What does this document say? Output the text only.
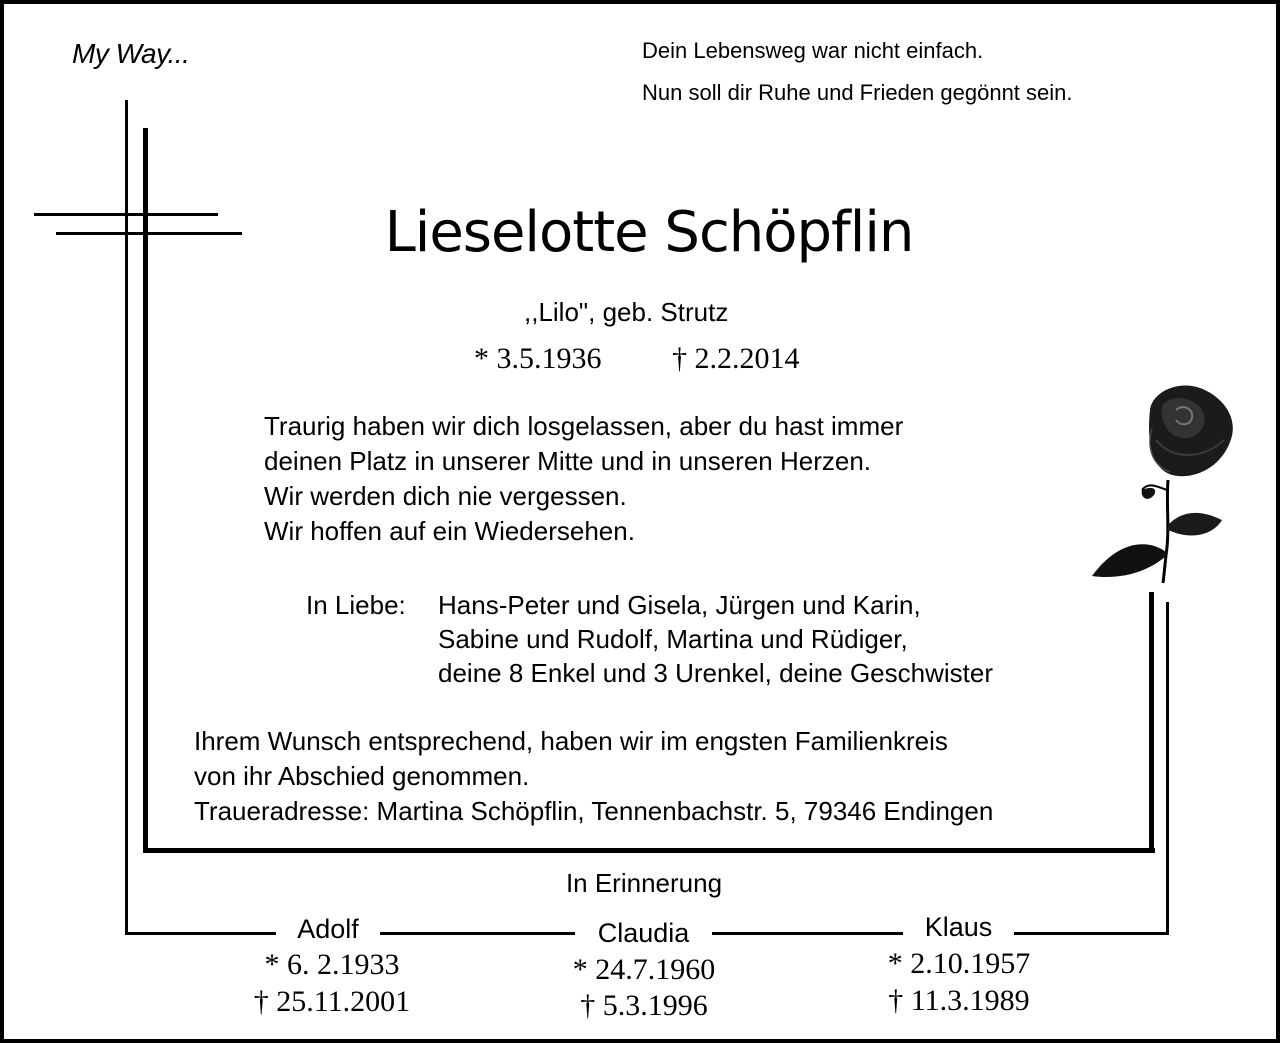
My Way...	Dein Lebensweg war nicht einfach.
Nun soll dir Ruhe und Frieden gegönnt sein.
Lieselotte Schöpflin
,,Lilo", geb. Strutz
* 3.5.1936 † 2.2.2014
Traurig haben wir dich losgelassen, aber du hast immer
deinen Platz in unserer Mitte und in unseren Herzen.
Wir werden dich nie vergessen.
Wir hoffen auf ein Wiedersehen.
In Liebe: Hans-Peter und Gisela, Jürgen und Karin,
Sabine und Rudolf, Martina und Rüdiger,
deine 8 Enkel und 3 Urenkel, deine Geschwister
Ihrem Wunsch entsprechend, haben wir im engsten Familienkreis
von ihr Abschied genommen.
Traueradresse: Martina Schöpflin, Tennenbachstr. 5, 79346 Endingen
In Erinnerung
Adolf
* 6. 2.1933
† 25.11.2001
Claudia
* 24.7.1960
† 5.3.1996
Klaus
* 2.10.1957
† 11.3.1989
